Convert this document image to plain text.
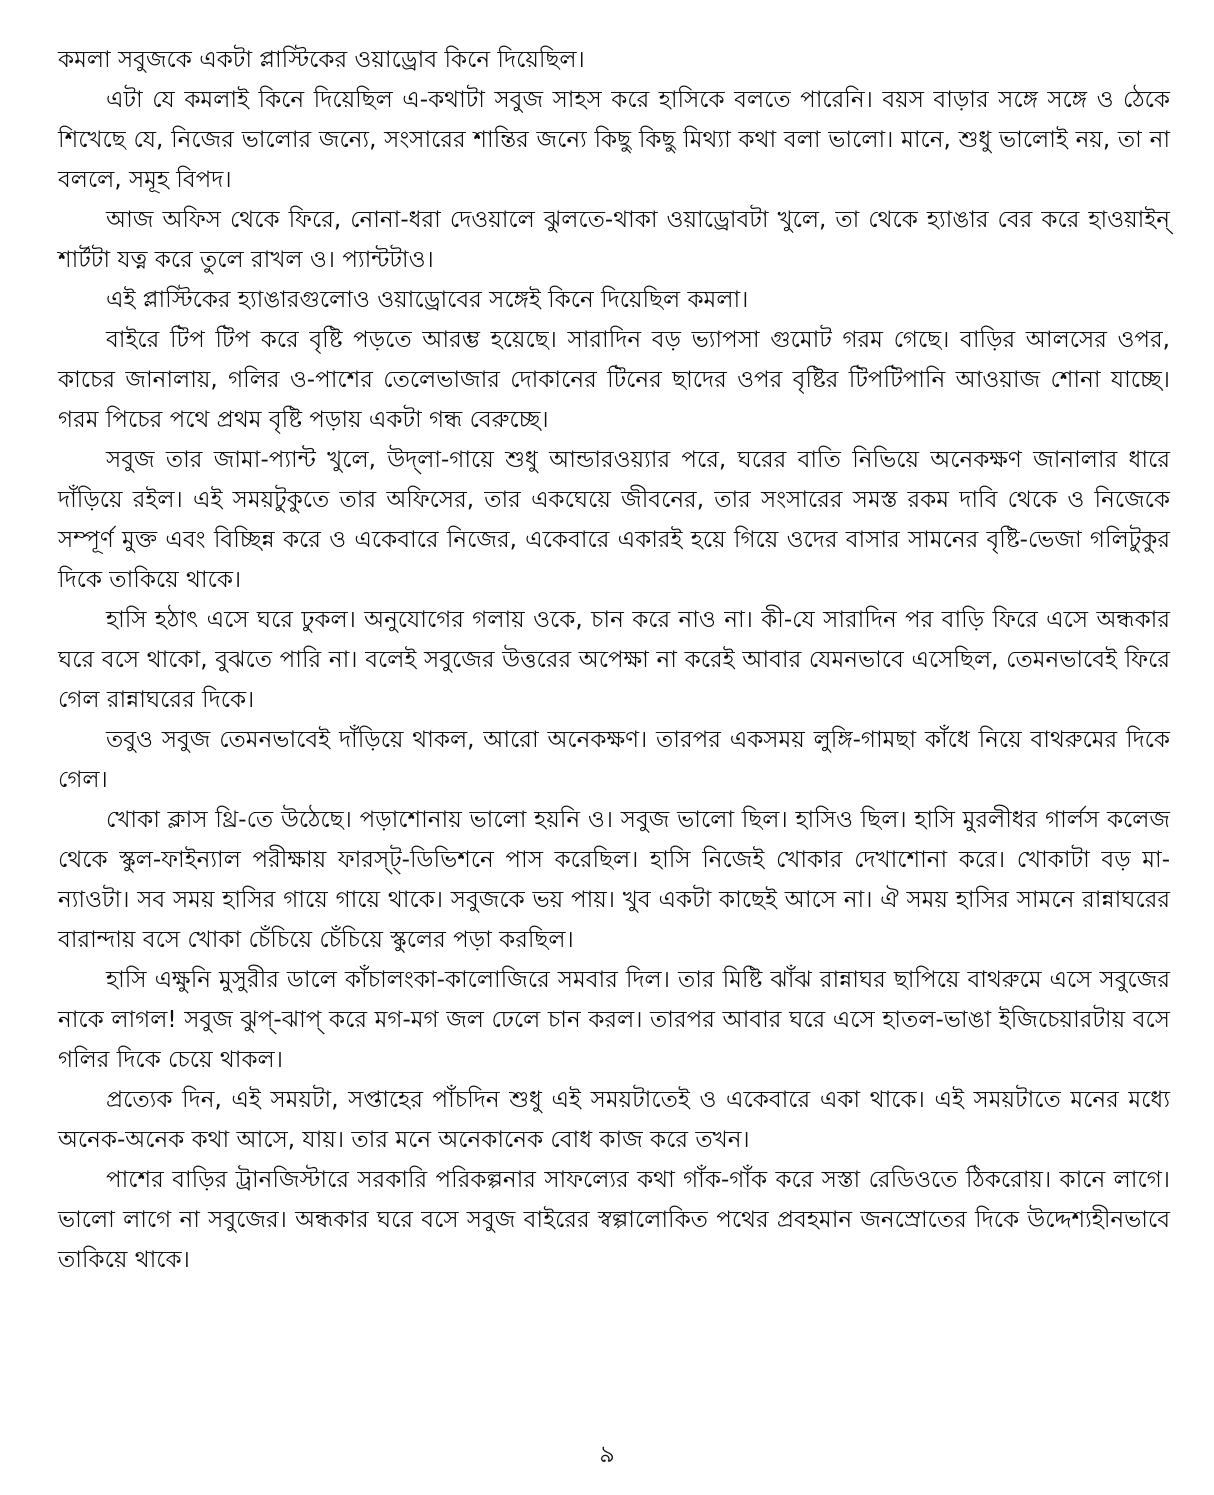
কমলা সবুজকে একটা প্লাস্টিকের ওয়াড্রোব কিনে দিয়েছিল।

এটা যে কমলাই কিনে দিয়েছিল এ-কথাটা সবুজ সাহস করে হাসিকে বলতে পারেনি। বয়স বাড়ার সঙ্গে সঙ্গে ও ঠেকে শিখেছে যে, নিজের ভালোর জন্যে, সংসারের শান্তির জন্যে কিছু কিছু মিথ্যা কথা বলা ভালো। মানে, শুধু ভালোই নয়, তা না বললে, সমূহ বিপদ।

আজ অফিস থেকে ফিরে, নোনা-ধরা দেওয়ালে ঝুলতে-থাকা ওয়াড্রোবটা খুলে, তা থেকে হ্যাঙার বের করে হাওয়াইন্ শার্টটা যত্ন করে তুলে রাখল ও। প্যান্টটাও।

এই প্লাস্টিকের হ্যাঙারগুলোও ওয়াড্রোবের সঙ্গেই কিনে দিয়েছিল কমলা।

বাইরে টিপ টিপ করে বৃষ্টি পড়তে আরম্ভ হয়েছে। সারাদিন বড় ভ্যাপসা গুমোট গরম গেছে। বাড়ির আলসের ওপর, কাচের জানালায়, গলির ও-পাশের তেলেভাজার দোকানের টিনের ছাদের ওপর বৃষ্টির টিপটিপানি আওয়াজ শোনা যাচ্ছে। গরম পিচের পথে প্রথম বৃষ্টি পড়ায় একটা গন্ধ বেরুচ্ছে।

সবুজ তার জামা-প্যান্ট খুলে, উদ্‌লা-গায়ে শুধু আন্ডারওয়্যার পরে, ঘরের বাতি নিভিয়ে অনেকক্ষণ জানালার ধারে দাঁড়িয়ে রইল। এই সময়টুকুতে তার অফিসের, তার একঘেয়ে জীবনের, তার সংসারের সমস্ত রকম দাবি থেকে ও নিজেকে সম্পূর্ণ মুক্ত এবং বিচ্ছিন্ন করে ও একেবারে নিজের, একেবারে একারই হয়ে গিয়ে ওদের বাসার সামনের বৃষ্টি-ভেজা গলিটুকুর দিকে তাকিয়ে থাকে।

হাসি হঠাৎ এসে ঘরে ঢুকল। অনুযোগের গলায় ওকে, চান করে নাও না। কী-যে সারাদিন পর বাড়ি ফিরে এসে অন্ধকার ঘরে বসে থাকো, বুঝতে পারি না। বলেই সবুজের উত্তরের অপেক্ষা না করেই আবার যেমনভাবে এসেছিল, তেমনভাবেই ফিরে গেল রান্নাঘরের দিকে।

তবুও সবুজ তেমনভাবেই দাঁড়িয়ে থাকল, আরো অনেকক্ষণ। তারপর একসময় লুঙ্গি-গামছা কাঁধে নিয়ে বাথরুমের দিকে গেল।

খোকা ক্লাস থ্রি-তে উঠেছে। পড়াশোনায় ভালো হয়নি ও। সবুজ ভালো ছিল। হাসিও ছিল। হাসি মুরলীধর গার্লস কলেজ থেকে স্কুল-ফাইন্যাল পরীক্ষায় ফারস্ট্-ডিভিশনে পাস করেছিল। হাসি নিজেই খোকার দেখাশোনা করে। খোকাটা বড় মা-ন্যাওটা। সব সময় হাসির গায়ে গায়ে থাকে। সবুজকে ভয় পায়। খুব একটা কাছেই আসে না। ঐ সময় হাসির সামনে রান্নাঘরের বারান্দায় বসে খোকা চেঁচিয়ে চেঁচিয়ে স্কুলের পড়া করছিল।

হাসি এক্ষুনি মুসুরীর ডালে কাঁচালংকা-কালোজিরে সমবার দিল। তার মিষ্টি ঝাঁঝ রান্নাঘর ছাপিয়ে বাথরুমে এসে সবুজের নাকে লাগল! সবুজ ঝুপ্-ঝাপ্ করে মগ-মগ জল ঢেলে চান করল। তারপর আবার ঘরে এসে হাতল-ভাঙা ইজিচেয়ারটায় বসে গলির দিকে চেয়ে থাকল।

প্রত্যেক দিন, এই সময়টা, সপ্তাহের পাঁচদিন শুধু এই সময়টাতেই ও একেবারে একা থাকে। এই সময়টাতে মনের মধ্যে অনেক-অনেক কথা আসে, যায়। তার মনে অনেকানেক বোধ কাজ করে তখন।

পাশের বাড়ির ট্রানজিস্টারে সরকারি পরিকল্পনার সাফল্যের কথা গাঁক-গাঁক করে সস্তা রেডিওতে ঠিকরোয়। কানে লাগে। ভালো লাগে না সবুজের। অন্ধকার ঘরে বসে সবুজ বাইরের স্বল্পালোকিত পথের প্রবহমান জনস্রোতের দিকে উদ্দেশ্যহীনভাবে তাকিয়ে থাকে।

৯
